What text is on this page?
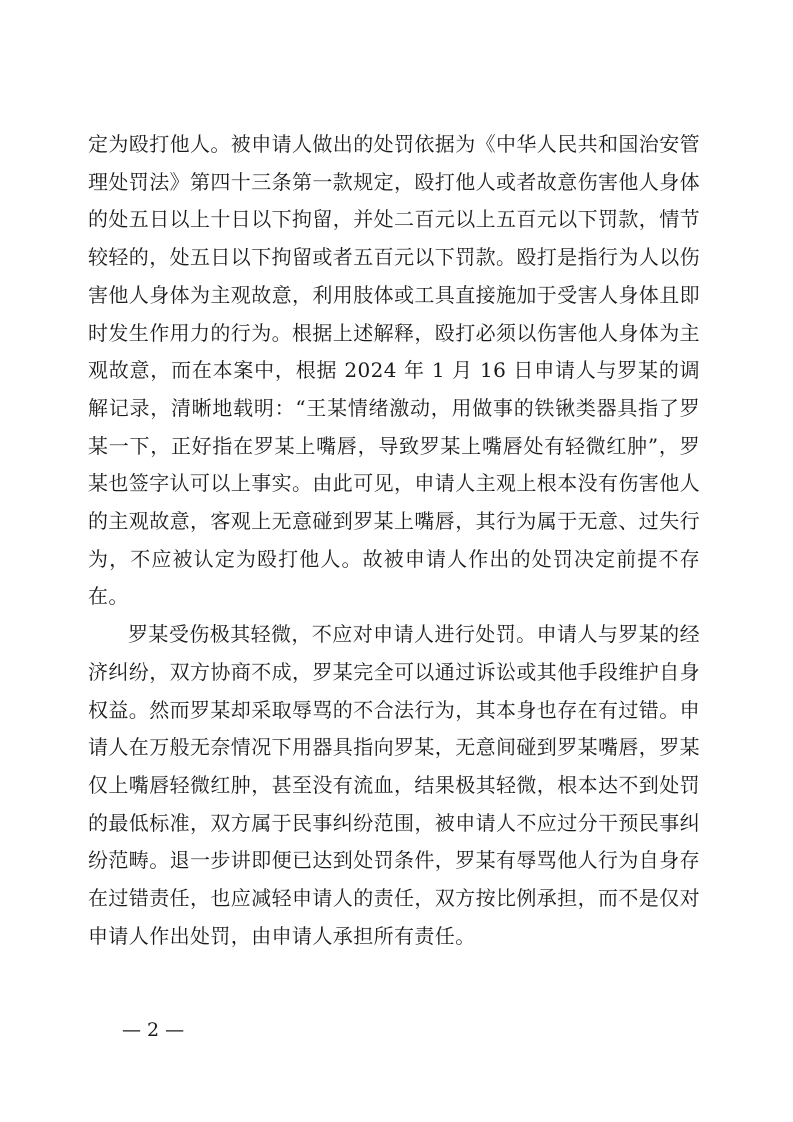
定为殴打他人。被申请人做出的处罚依据为《中华人民共和国治安管理处罚法》第四十三条第一款规定，殴打他人或者故意伤害他人身体的处五日以上十日以下拘留，并处二百元以上五百元以下罚款，情节较轻的，处五日以下拘留或者五百元以下罚款。殴打是指行为人以伤害他人身体为主观故意，利用肢体或工具直接施加于受害人身体且即时发生作用力的行为。根据上述解释，殴打必须以伤害他人身体为主观故意，而在本案中，根据 2024 年 1 月 16 日申请人与罗某的调解记录，清晰地载明：“王某情绪激动，用做事的铁锹类器具指了罗某一下，正好指在罗某上嘴唇，导致罗某上嘴唇处有轻微红肿”，罗某也签字认可以上事实。由此可见，申请人主观上根本没有伤害他人的主观故意，客观上无意碰到罗某上嘴唇，其行为属于无意、过失行为，不应被认定为殴打他人。故被申请人作出的处罚决定前提不存在。

罗某受伤极其轻微，不应对申请人进行处罚。申请人与罗某的经济纠纷，双方协商不成，罗某完全可以通过诉讼或其他手段维护自身权益。然而罗某却采取辱骂的不合法行为，其本身也存在有过错。申请人在万般无奈情况下用器具指向罗某，无意间碰到罗某嘴唇，罗某仅上嘴唇轻微红肿，甚至没有流血，结果极其轻微，根本达不到处罚的最低标准，双方属于民事纠纷范围，被申请人不应过分干预民事纠纷范畴。退一步讲即便已达到处罚条件，罗某有辱骂他人行为自身存在过错责任，也应减轻申请人的责任，双方按比例承担，而不是仅对申请人作出处罚，由申请人承担所有责任。

— 2 —
